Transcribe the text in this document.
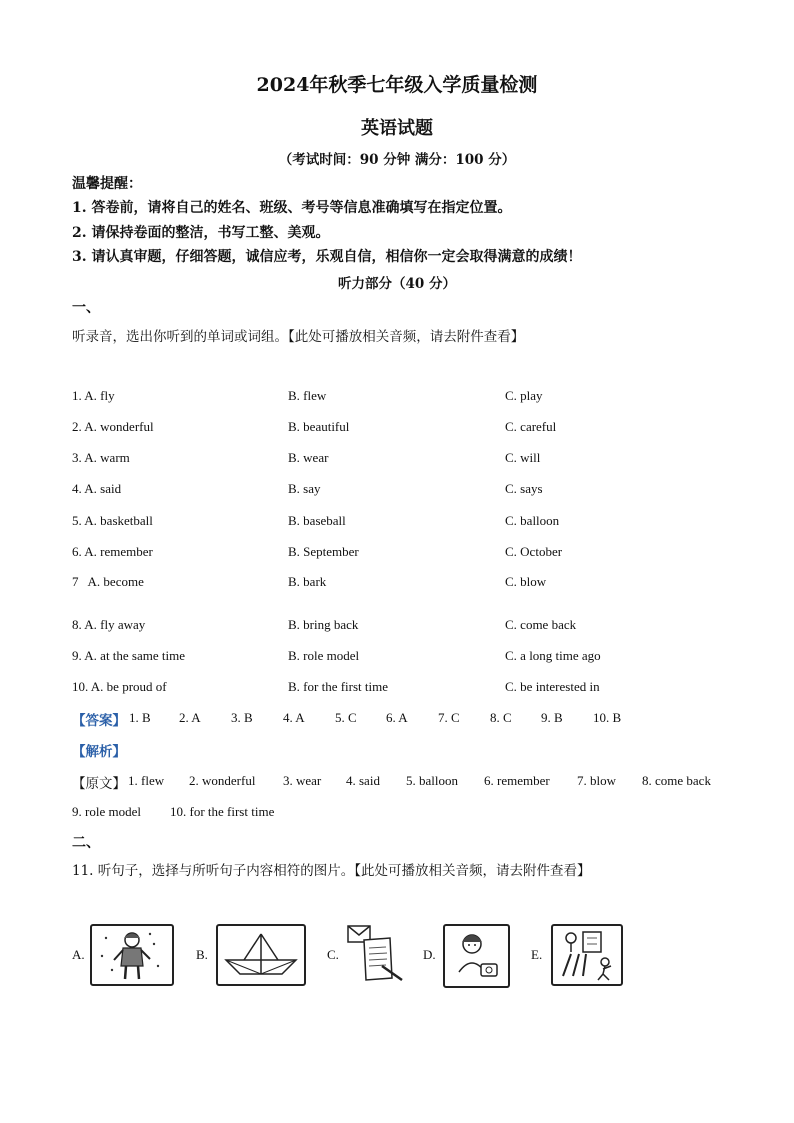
2024年秋季七年级入学质量检测
英语试题
（考试时间：90 分钟 满分：100 分）
温馨提醒：
1. 答卷前，请将自己的姓名、班级、考号等信息准确填写在指定位置。
2. 请保持卷面的整洁，书写工整、美观。
3. 请认真审题，仔细答题，诚信应考，乐观自信，相信你一定会取得满意的成绩！
听力部分（40 分）
一、
听录音，选出你听到的单词或词组。【此处可播放相关音频，请去附件查看】
1. A. fly	B. flew	C. play
2. A. wonderful	B. beautiful	C. careful
3. A. warm	B. wear	C. will
4. A. said	B. say	C. says
5. A. basketball	B. baseball	C. balloon
6. A. remember	B. September	C. October
7   A. become	B. bark	C. blow
8. A. fly away	B. bring back	C. come back
9. A. at the same time	B. role model	C. a long time ago
10. A. be proud of	B. for the first time	C. be interested in
【答案】 1. B 2. A 3. B 4. A 5. C 6. A 7. C 8. C 9. B 10. B
【解析】
【原文】 1. flew 2. wonderful 3. wear 4. said 5. balloon 6. remember 7. blow 8. come back
9. role model 10. for the first time
二、
11. 听句子，选择与所听句子内容相符的图片。【此处可播放相关音频，请去附件查看】
A.	B.	C.	D.	E.
